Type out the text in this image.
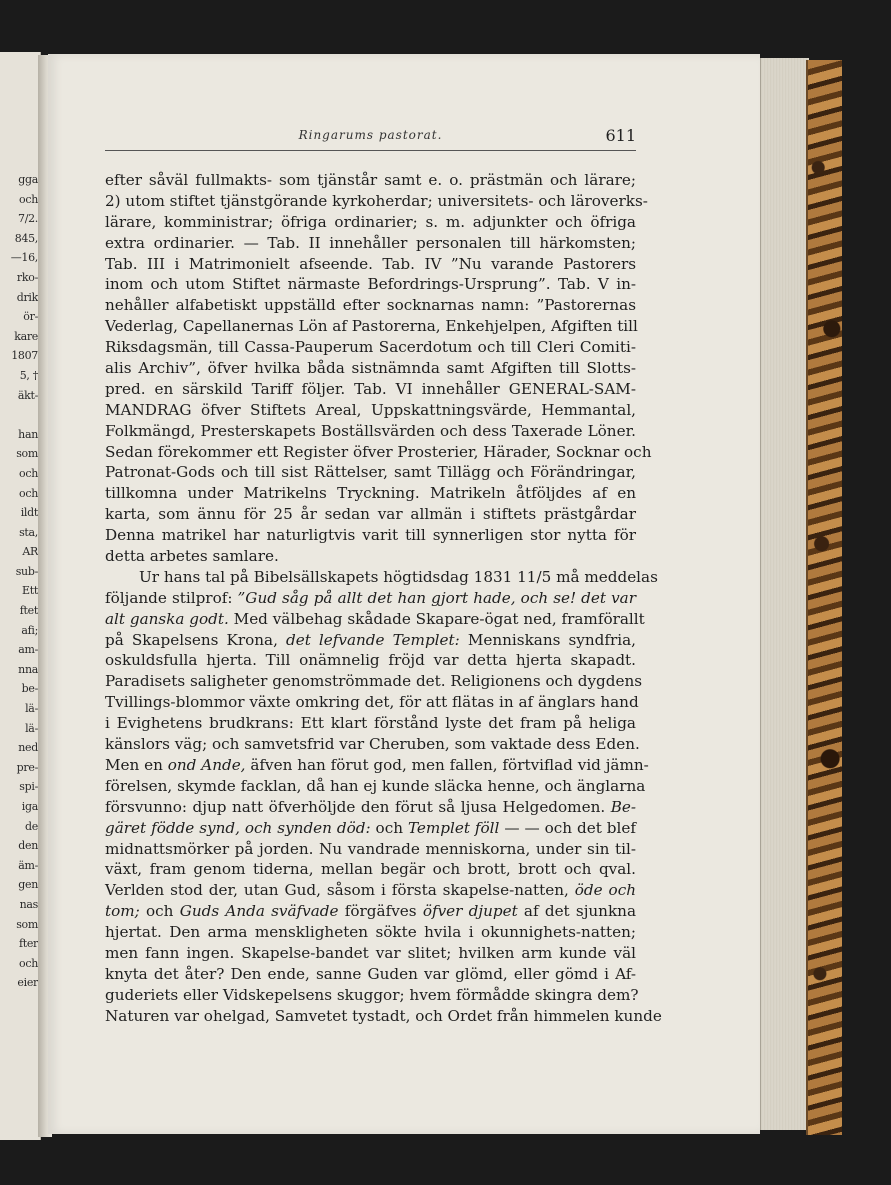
gga
och
7/2.
845,
—16,
rko-
drik
ör-
kare
1807
5, †
äkt-
han
som
och
och
ildt
sta,
AR
sub-
Ett
ftet
afi;
am-
nna
be-
lä-
lä-
ned
pre-
spi-
iga
de
den
äm-
gen
nas
som
fter
och
eier
Ringarums pastorat.	611
efter såväl fullmakts- som tjänstår samt e. o. prästmän och lärare;
2) utom stiftet tjänstgörande kyrkoherdar; universitets- och läroverks-
lärare, komministrar; öfriga ordinarier; s. m. adjunkter och öfriga
extra ordinarier. — Tab. II innehåller personalen till härkomsten;
Tab. III i Matrimonielt afseende. Tab. IV ”Nu varande Pastorers
inom och utom Stiftet närmaste Befordrings-Ursprung”. Tab. V in-
nehåller alfabetiskt uppställd efter socknarnas namn: ”Pastorernas
Vederlag, Capellanernas Lön af Pastorerna, Enkehjelpen, Afgiften till
Riksdagsmän, till Cassa-Pauperum Sacerdotum och till Cleri Comiti-
alis Archiv”, öfver hvilka båda sistnämnda samt Afgiften till Slotts-
pred. en särskild Tariff följer. Tab. VI innehåller GENERAL-SAM-
MANDRAG öfver Stiftets Areal, Uppskattningsvärde, Hemmantal,
Folkmängd, Presterskapets Boställsvärden och dess Taxerade Löner.
Sedan förekommer ett Register öfver Prosterier, Härader, Socknar och
Patronat-Gods och till sist Rättelser, samt Tillägg och Förändringar,
tillkomna under Matrikelns Tryckning. Matrikeln åtföljdes af en
karta, som ännu för 25 år sedan var allmän i stiftets prästgårdar
Denna matrikel har naturligtvis varit till synnerligen stor nytta för
detta arbetes samlare.
Ur hans tal på Bibelsällskapets högtidsdag 1831 11/5 må meddelas
följande stilprof: ”Gud såg på allt det han gjort hade, och se! det var
alt ganska godt. Med välbehag skådade Skapare-ögat ned, framförallt
på Skapelsens Krona, det lefvande Templet: Menniskans syndfria,
oskuldsfulla hjerta. Till onämnelig fröjd var detta hjerta skapadt.
Paradisets saligheter genomströmmade det. Religionens och dygdens
Tvillings-blommor växte omkring det, för att flätas in af änglars hand
i Evighetens brudkrans: Ett klart förstånd lyste det fram på heliga
känslors väg; och samvetsfrid var Cheruben, som vaktade dess Eden.
Men en ond Ande, äfven han förut god, men fallen, förtviflad vid jämn-
förelsen, skymde facklan, då han ej kunde släcka henne, och änglarna
försvunno: djup natt öfverhöljde den förut så ljusa Helgedomen. Be-
gäret födde synd, och synden död: och Templet föll — — och det blef
midnattsmörker på jorden. Nu vandrade menniskorna, under sin til-
växt, fram genom tiderna, mellan begär och brott, brott och qval.
Verlden stod der, utan Gud, såsom i första skapelse-natten, öde och
tom; och Guds Anda sväfvade förgäfves öfver djupet af det sjunkna
hjertat. Den arma menskligheten sökte hvila i okunnighets-natten;
men fann ingen. Skapelse-bandet var slitet; hvilken arm kunde väl
knyta det åter? Den ende, sanne Guden var glömd, eller gömd i Af-
guderiets eller Vidskepelsens skuggor; hvem förmådde skingra dem?
Naturen var ohelgad, Samvetet tystadt, och Ordet från himmelen kunde
